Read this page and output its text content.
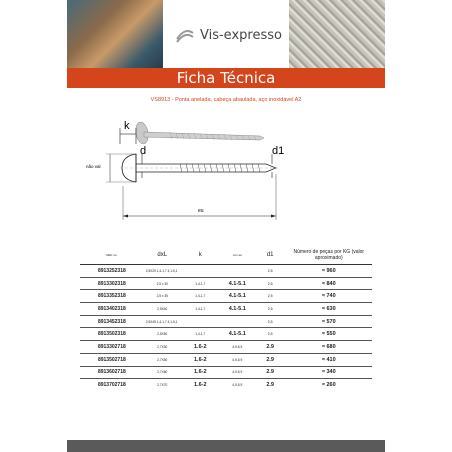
Vis-expresso
Ficha Técnica
VS8913 - Ponta anelada, cabeça abaulada, aço inoxidável A2
k
d	d1
não val
eu
REF no.	dxL	k	mm sé	d1	Número de peças por KG (valor aproximado)
8913252318	2,5X25 1,4-1,7 4,1-5,1			2,5	≈ 960
8913302318	2,5 x 30	1,4-1,7	4.1-5.1	2,5	≈ 840
8913352318	2,5 x 35	1,4-1,7	4.1-5.1	2,5	≈ 740
8913402318	2,5X40	1,4-1,7	4.1-5.1	2,5	≈ 630
8913452318	2,5X45 1,4-1,7 4,1-5,1			2,5	≈ 570
8913502318	2,5X50	1,4-1,7	4.1-5.1	2,5	≈ 550
8913302718	2,7X30	1.6-2	4,9-5,9	2.9	≈ 680
8913502718	2,7X50	1.6-2	4,9-5,9	2.9	≈ 410
8913602718	2,7X60	1.6-2	4,9-5,9	2.9	≈ 340
8913702718	2,7X70	1.6-2	4,9-5,9	2.9	≈ 260
